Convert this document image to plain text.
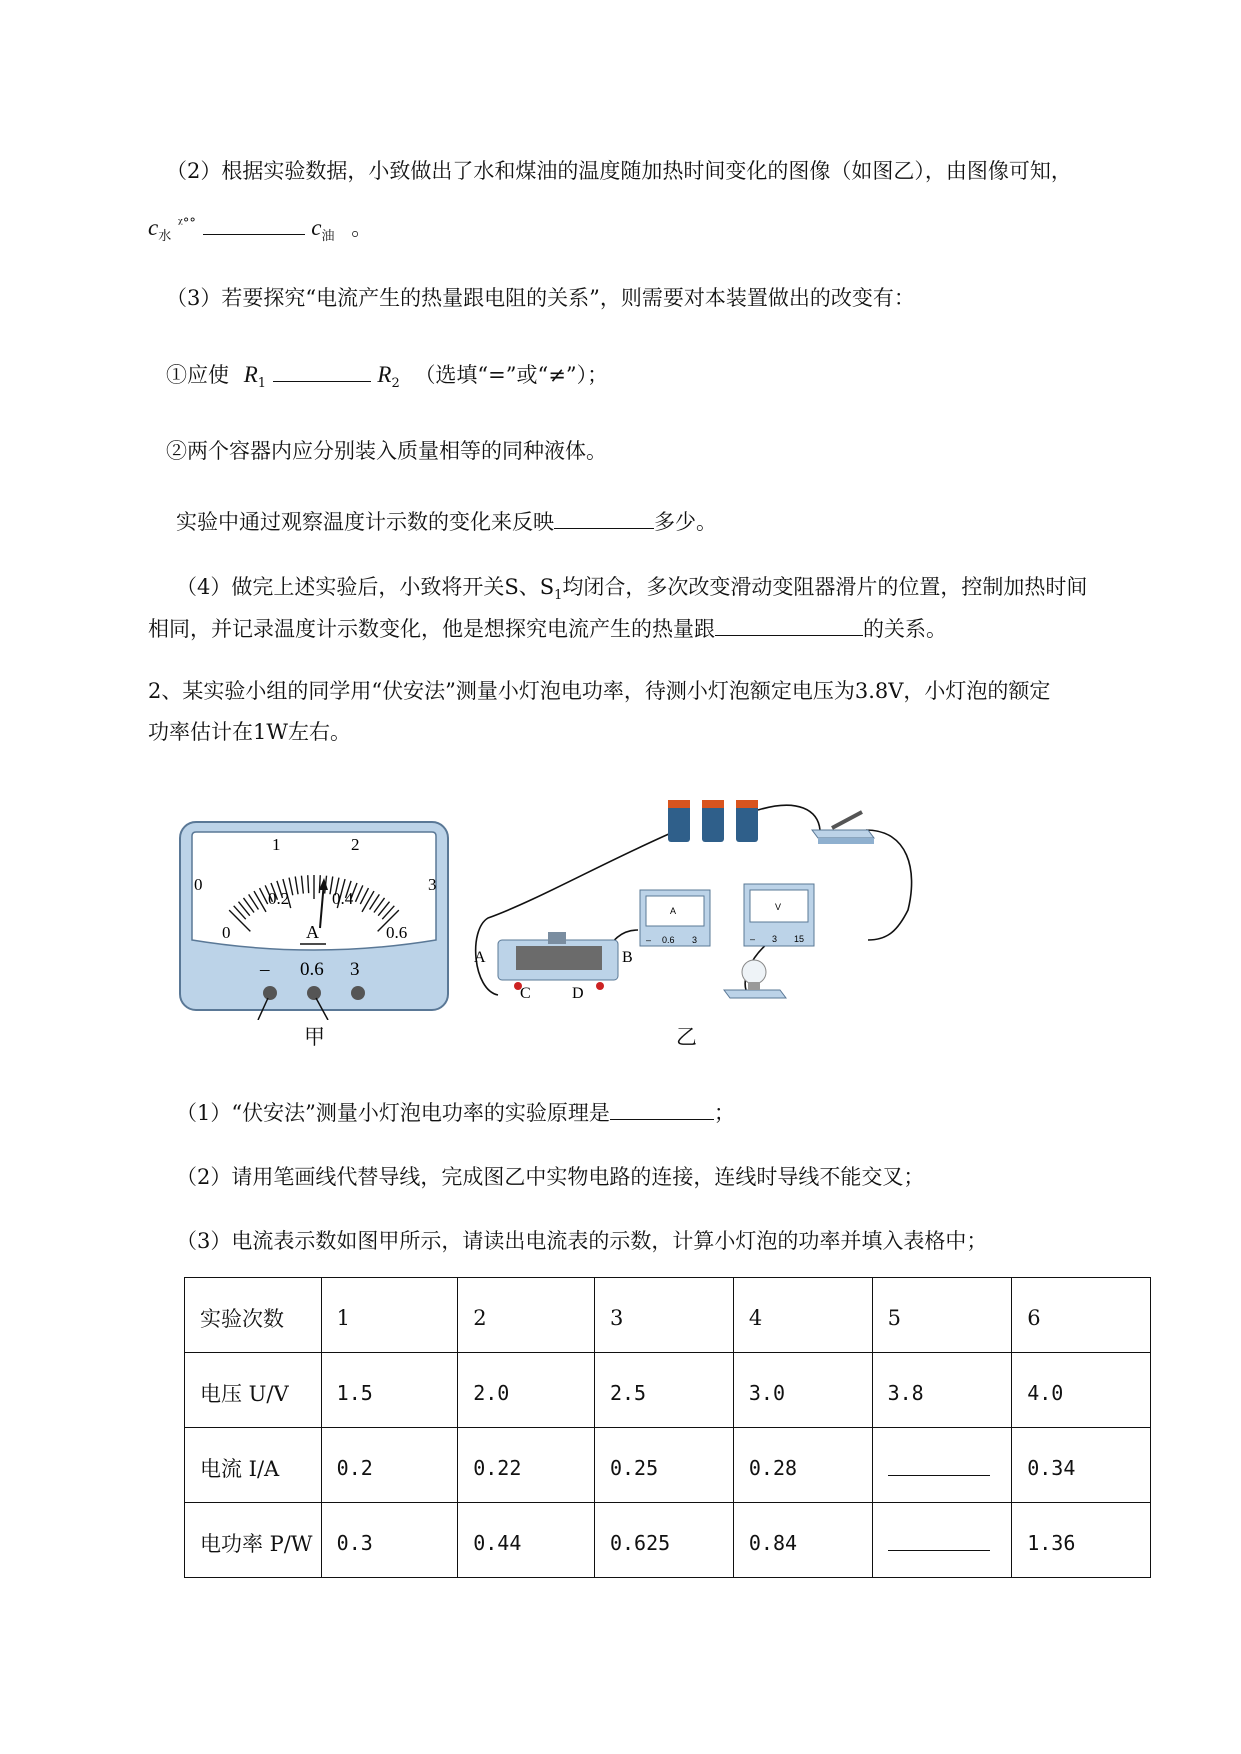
（2）根据实验数据，小致做出了水和煤油的温度随加热时间变化的图像（如图乙），由图像可知，
$c_水$ $^{ᵡ^\circ^\circ}$	$c_油$ 。
（3）若要探究“电流产生的热量跟电阻的关系”，则需要对本装置做出的改变有：
①应使 $R_1$	$R_2$ （选填“=”或“≠”）；
②两个容器内应分别装入质量相等的同种液体。
实验中通过观察温度计示数的变化来反映	多少。
（4）做完上述实验后，小致将开关S、$S_1$均闭合，多次改变滑动变阻器滑片的位置，控制加热时间
相同，并记录温度计示数变化，他是想探究电流产生的热量跟	的关系。
2、某实验小组的同学用“伏安法”测量小灯泡电功率，待测小灯泡额定电压为3.8V，小灯泡的额定
功率估计在1W左右。
0
1	2
3
0
0.2	0.4
0.6
A
– 0.6 3
甲
A	B
C	D
A
– 0.6 3
V
– 3 15
乙
（1）“伏安法”测量小灯泡电功率的实验原理是	；
（2）请用笔画线代替导线，完成图乙中实物电路的连接，连线时导线不能交叉；
（3）电流表示数如图甲所示，请读出电流表的示数，计算小灯泡的功率并填入表格中；
实验次数	1	2	3	4	5	6
电压 U/V	1.5	2.0	2.5	3.0	3.8	4.0
电流 I/A	0.2	0.22	0.25	0.28		0.34
电功率 P/W	0.3	0.44	0.625	0.84		1.36
